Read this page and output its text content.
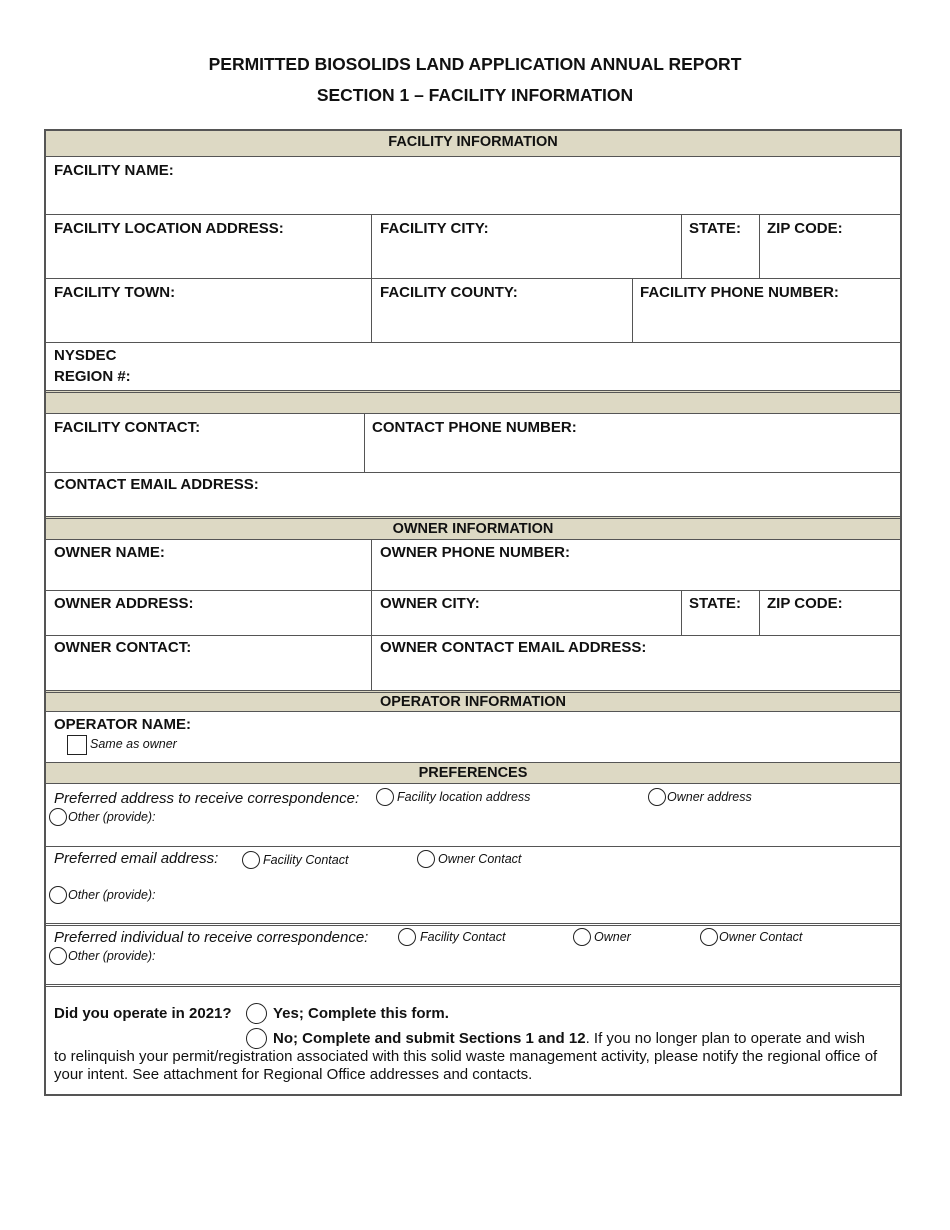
PERMITTED BIOSOLIDS LAND APPLICATION ANNUAL REPORT
SECTION 1 – FACILITY INFORMATION
FACILITY INFORMATION
FACILITY NAME:
FACILITY LOCATION ADDRESS:	FACILITY CITY:	STATE: ZIP CODE:
FACILITY TOWN:	FACILITY COUNTY:	FACILITY PHONE NUMBER:
NYSDEC
REGION #:
FACILITY CONTACT:	CONTACT PHONE NUMBER:
CONTACT EMAIL ADDRESS:
OWNER INFORMATION
OWNER NAME:	OWNER PHONE NUMBER:
OWNER ADDRESS:	OWNER CITY:	STATE: ZIP CODE:
OWNER CONTACT:	OWNER CONTACT EMAIL ADDRESS:
OPERATOR INFORMATION
OPERATOR NAME:
Same as owner
PREFERENCES
Preferred address to receive correspondence:	Facility location address	Owner address
Other (provide):
Preferred email address:	Facility Contact	Owner Contact
Other (provide):
Preferred individual to receive correspondence:	Facility Contact	Owner	Owner Contact
Other (provide):
Did you operate in 2021?	Yes; Complete this form.
No; Complete and submit Sections 1 and 12. If you no longer plan to operate and wish
to relinquish your permit/registration associated with this solid waste management activity, please notify the regional office of your intent. See attachment for Regional Office addresses and contacts.
